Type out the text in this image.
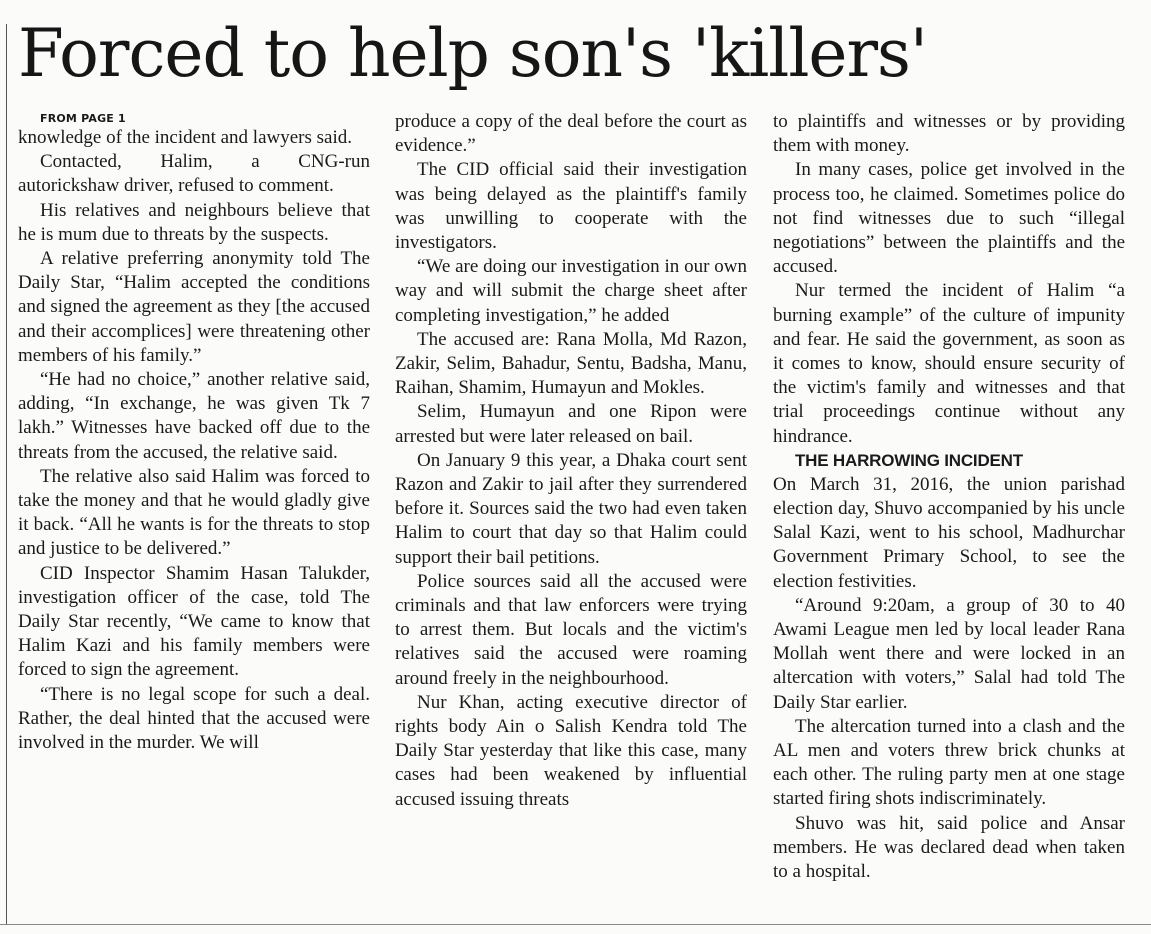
Forced to help son's 'killers'

FROM PAGE 1

knowledge of the incident and lawyers said.

Contacted, Halim, a CNG-run autorickshaw driver, refused to comment.

His relatives and neighbours believe that he is mum due to threats by the suspects.

A relative preferring anonymity told The Daily Star, “Halim accepted the conditions and signed the agreement as they [the accused and their accomplices] were threatening other members of his family.”

“He had no choice,” another relative said, adding, “In exchange, he was given Tk 7 lakh.” Witnesses have backed off due to the threats from the accused, the relative said.

The relative also said Halim was forced to take the money and that he would gladly give it back. “All he wants is for the threats to stop and justice to be delivered.”

CID Inspector Shamim Hasan Talukder, investigation officer of the case, told The Daily Star recently, “We came to know that Halim Kazi and his family members were forced to sign the agreement.

“There is no legal scope for such a deal. Rather, the deal hinted that the accused were involved in the murder. We will

produce a copy of the deal before the court as evidence.”

The CID official said their investigation was being delayed as the plaintiff's family was unwilling to cooperate with the investigators.

“We are doing our investigation in our own way and will submit the charge sheet after completing investigation,” he added

The accused are: Rana Molla, Md Razon, Zakir, Selim, Bahadur, Sentu, Badsha, Manu, Raihan, Shamim, Humayun and Mokles.

Selim, Humayun and one Ripon were arrested but were later released on bail.

On January 9 this year, a Dhaka court sent Razon and Zakir to jail after they surrendered before it. Sources said the two had even taken Halim to court that day so that Halim could support their bail petitions.

Police sources said all the accused were criminals and that law enforcers were trying to arrest them. But locals and the victim's relatives said the accused were roaming around freely in the neighbourhood.

Nur Khan, acting executive director of rights body Ain o Salish Kendra told The Daily Star yesterday that like this case, many cases had been weakened by influential accused issuing threats

to plaintiffs and witnesses or by providing them with money.

In many cases, police get involved in the process too, he claimed. Sometimes police do not find witnesses due to such “illegal negotiations” between the plaintiffs and the accused.

Nur termed the incident of Halim “a burning example” of the culture of impunity and fear. He said the government, as soon as it comes to know, should ensure security of the victim's family and witnesses and that trial proceedings continue without any hindrance.

THE HARROWING INCIDENT

On March 31, 2016, the union parishad election day, Shuvo accompanied by his uncle Salal Kazi, went to his school, Madhurchar Government Primary School, to see the election festivities.

“Around 9:20am, a group of 30 to 40 Awami League men led by local leader Rana Mollah went there and were locked in an altercation with voters,” Salal had told The Daily Star earlier.

The altercation turned into a clash and the AL men and voters threw brick chunks at each other. The ruling party men at one stage started firing shots indiscriminately.

Shuvo was hit, said police and Ansar members. He was declared dead when taken to a hospital.
